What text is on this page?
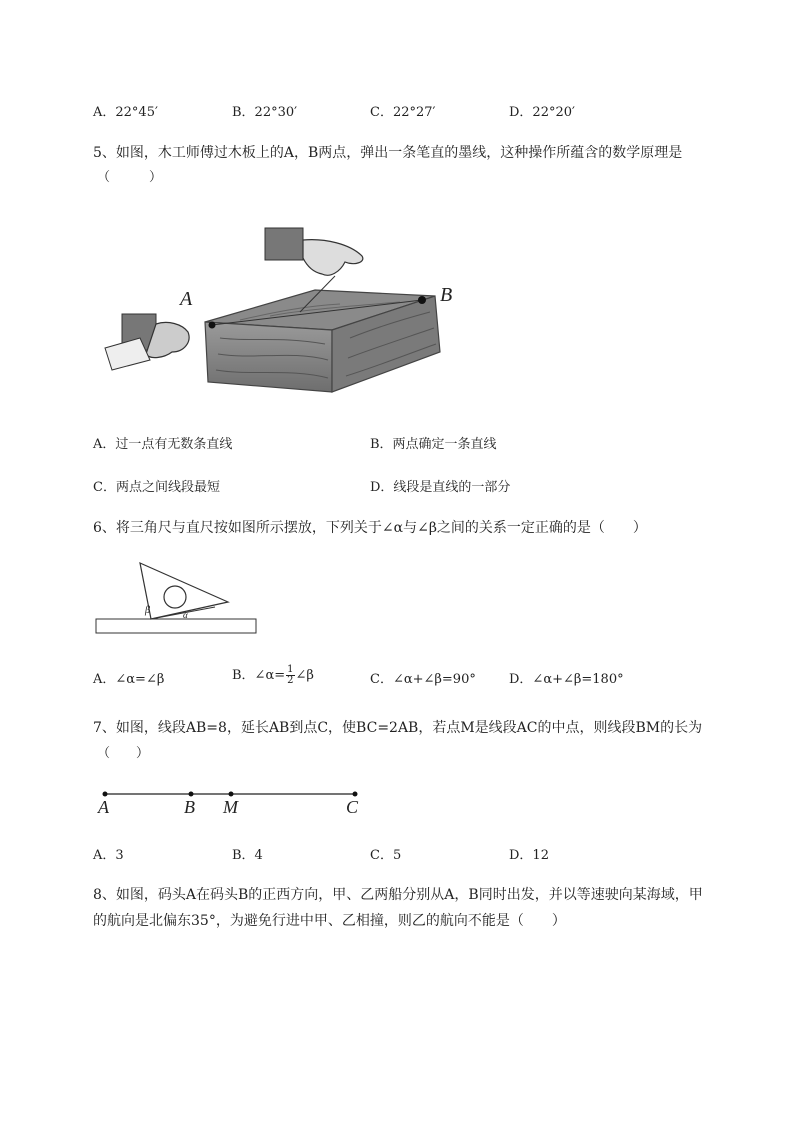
A．22°45′	B．22°30′	C．22°27′	D．22°20′
5、如图，木工师傅过木板上的A，B两点，弹出一条笔直的墨线，这种操作所蕴含的数学原理是
（　　　）
A	B
A．过一点有无数条直线	B．两点确定一条直线
C．两点之间线段最短	D．线段是直线的一部分
6、将三角尺与直尺按如图所示摆放，下列关于∠α与∠β之间的关系一定正确的是（　　）
β	α
A．∠α=∠β	B．∠α= $\frac{1}{2}$ ∠β	C．∠α+∠β=90°	D．∠α+∠β=180°
7、如图，线段AB=8，延长AB到点C，使BC=2AB，若点M是线段AC的中点，则线段BM的长为
（　　）
A	B M	C
A．3	B．4	C．5	D．12
8、如图，码头A在码头B的正西方向，甲、乙两船分别从A，B同时出发，并以等速驶向某海域，甲
的航向是北偏东35°，为避免行进中甲、乙相撞，则乙的航向不能是（　　）
